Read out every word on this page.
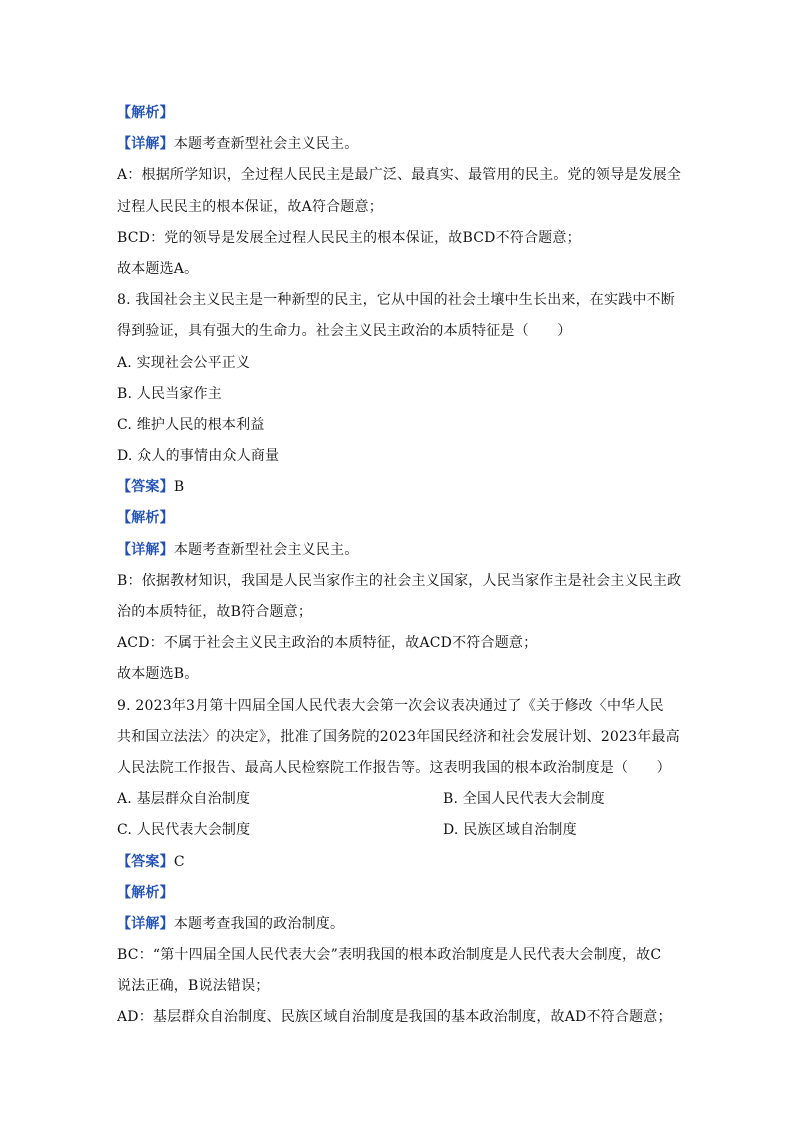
【解析】
【详解】本题考查新型社会主义民主。
A：根据所学知识，全过程人民民主是最广泛、最真实、最管用的民主。党的领导是发展全
过程人民民主的根本保证，故A符合题意；
BCD：党的领导是发展全过程人民民主的根本保证，故BCD不符合题意；
故本题选A。
8. 我国社会主义民主是一种新型的民主，它从中国的社会土壤中生长出来，在实践中不断
得到验证，具有强大的生命力。社会主义民主政治的本质特征是（　　）
A. 实现社会公平正义
B. 人民当家作主
C. 维护人民的根本利益
D. 众人的事情由众人商量
【答案】B
【解析】
【详解】本题考查新型社会主义民主。
B：依据教材知识，我国是人民当家作主的社会主义国家，人民当家作主是社会主义民主政
治的本质特征，故B符合题意；
ACD：不属于社会主义民主政治的本质特征，故ACD不符合题意；
故本题选B。
9. 2023年3月第十四届全国人民代表大会第一次会议表决通过了《关于修改〈中华人民
共和国立法法〉的决定》，批准了国务院的2023年国民经济和社会发展计划、2023年最高
人民法院工作报告、最高人民检察院工作报告等。这表明我国的根本政治制度是（　　）
A. 基层群众自治制度	B. 全国人民代表大会制度
C. 人民代表大会制度	D. 民族区域自治制度
【答案】C
【解析】
【详解】本题考查我国的政治制度。
BC：“第十四届全国人民代表大会”表明我国的根本政治制度是人民代表大会制度，故C
说法正确，B说法错误；
AD：基层群众自治制度、民族区域自治制度是我国的基本政治制度，故AD不符合题意；
